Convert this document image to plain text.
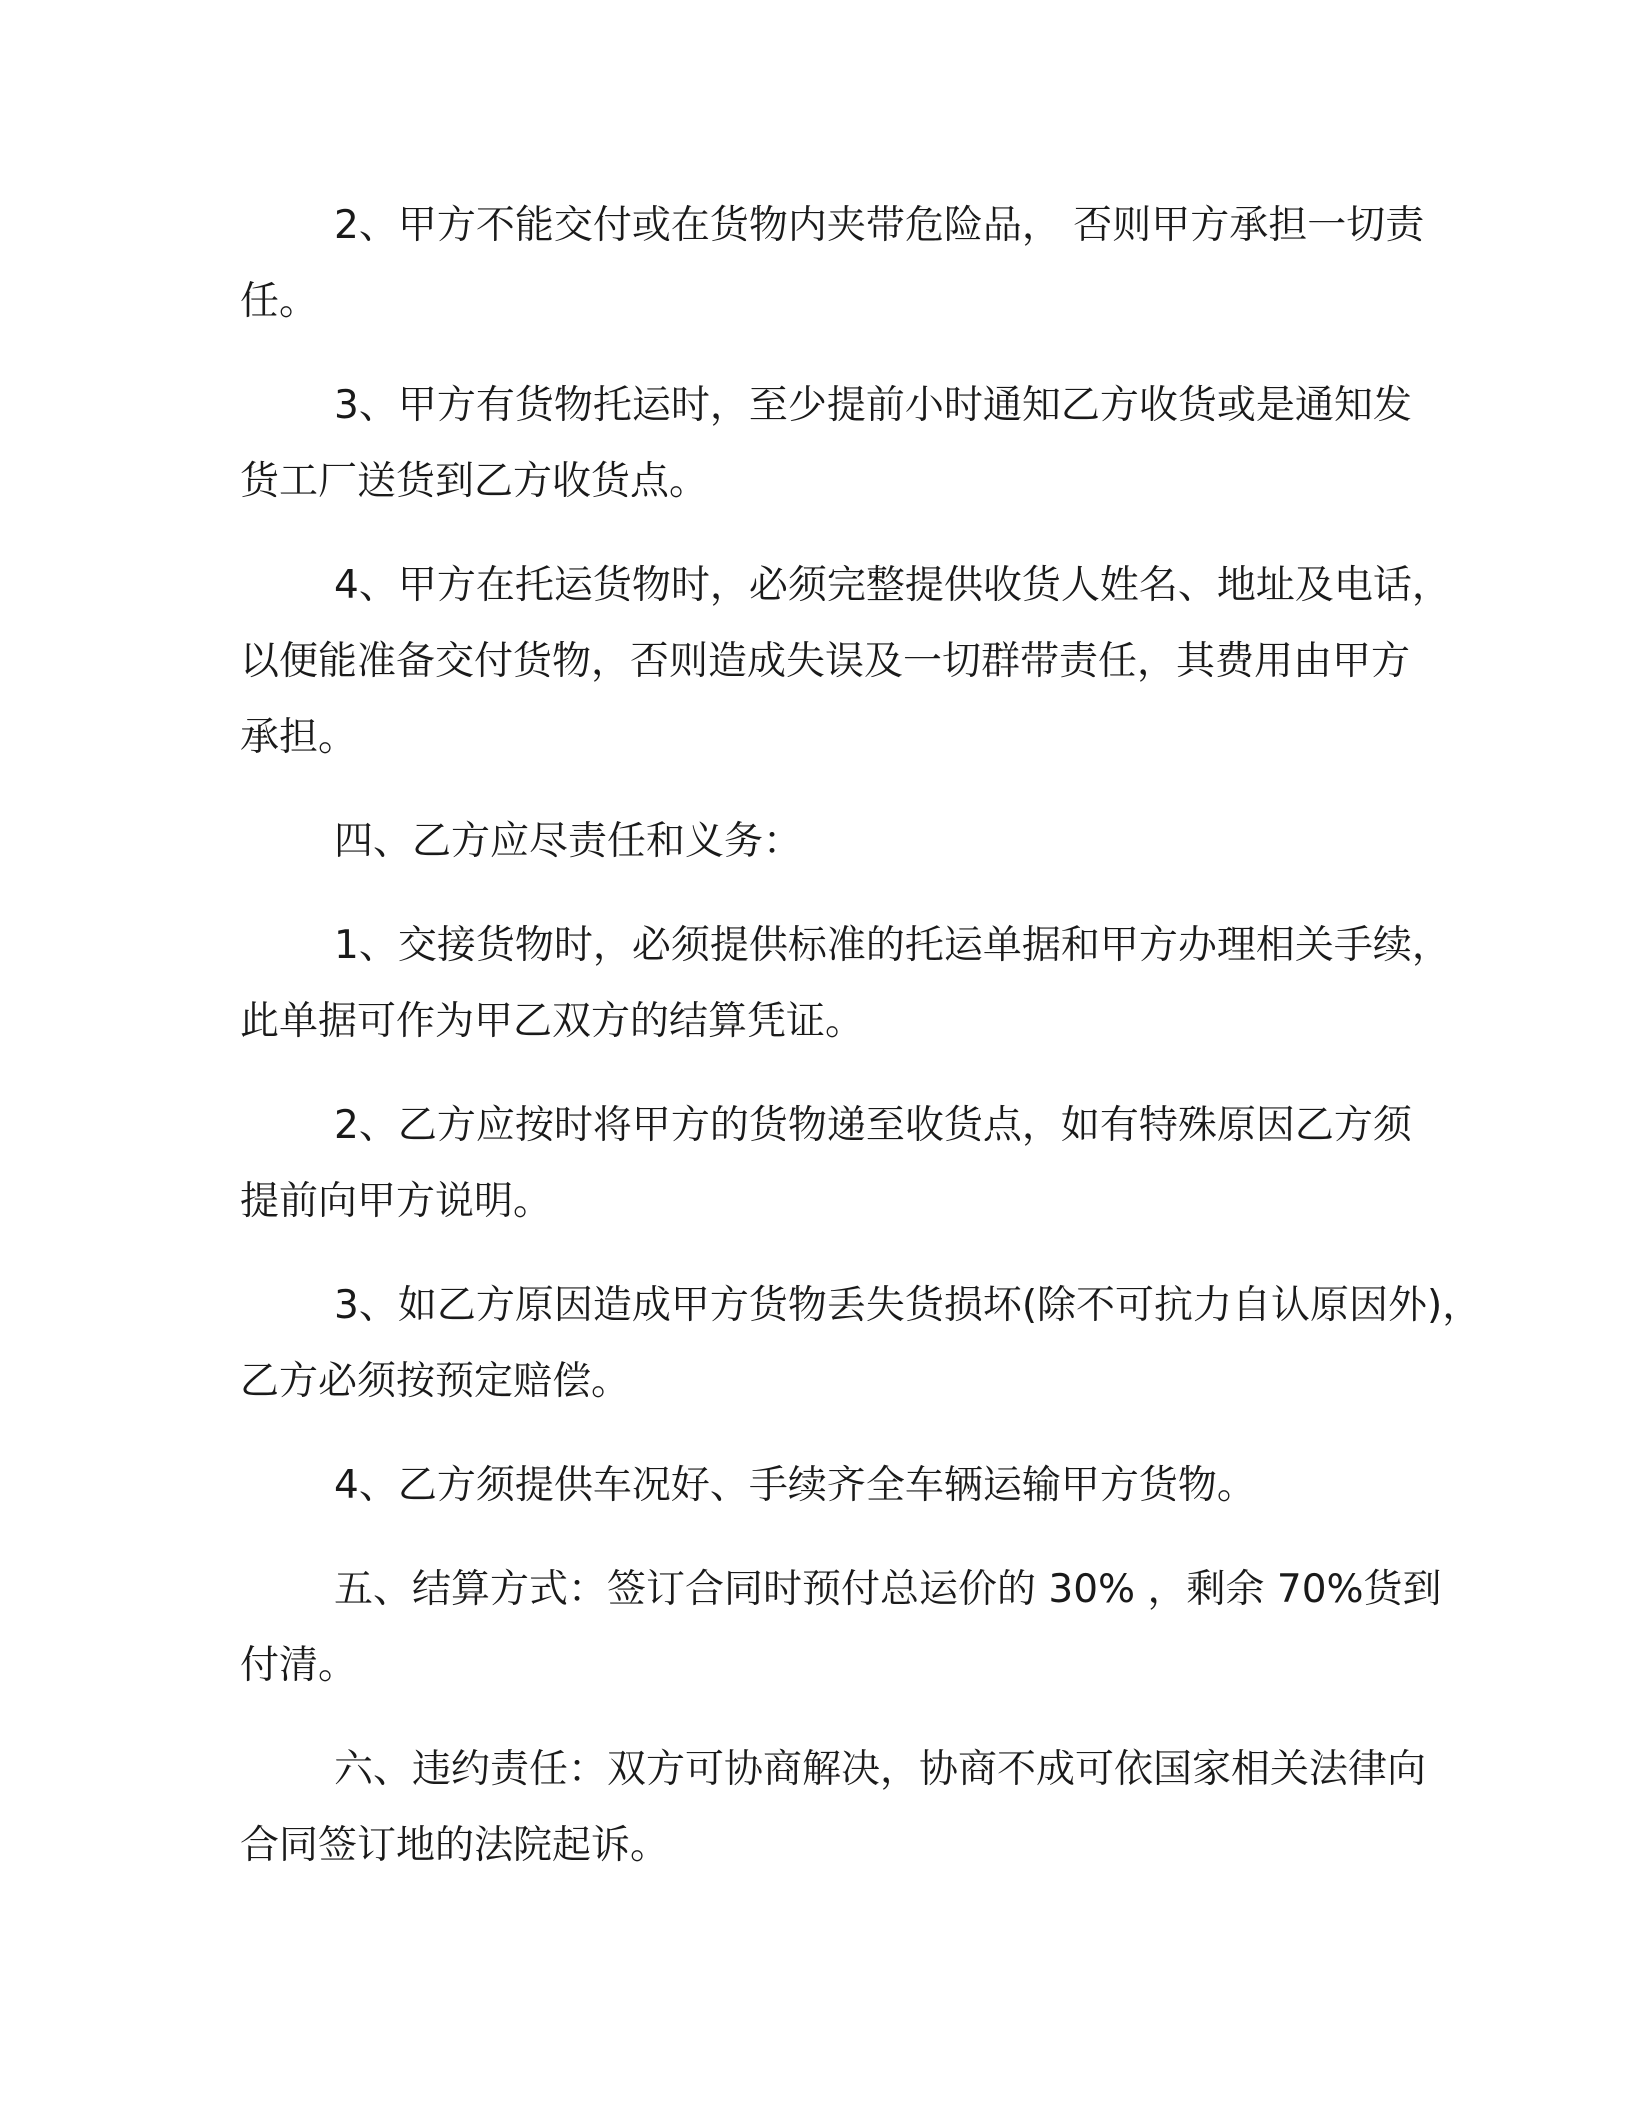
2、甲方不能交付或在货物内夹带危险品， 否则甲方承担一切责
任。
3、甲方有货物托运时，至少提前小时通知乙方收货或是通知发
货工厂送货到乙方收货点。
4、甲方在托运货物时，必须完整提供收货人姓名、地址及电话，
以便能准备交付货物，否则造成失误及一切群带责任，其费用由甲方
承担。
四、乙方应尽责任和义务：
1、交接货物时，必须提供标准的托运单据和甲方办理相关手续，
此单据可作为甲乙双方的结算凭证。
2、乙方应按时将甲方的货物递至收货点，如有特殊原因乙方须
提前向甲方说明。
3、如乙方原因造成甲方货物丢失货损坏(除不可抗力自认原因外)，
乙方必须按预定赔偿。
4、乙方须提供车况好、手续齐全车辆运输甲方货物。
五、结算方式：签订合同时预付总运价的 30% ，剩余 70%货到
付清。
六、违约责任：双方可协商解决，协商不成可依国家相关法律向
合同签订地的法院起诉。
